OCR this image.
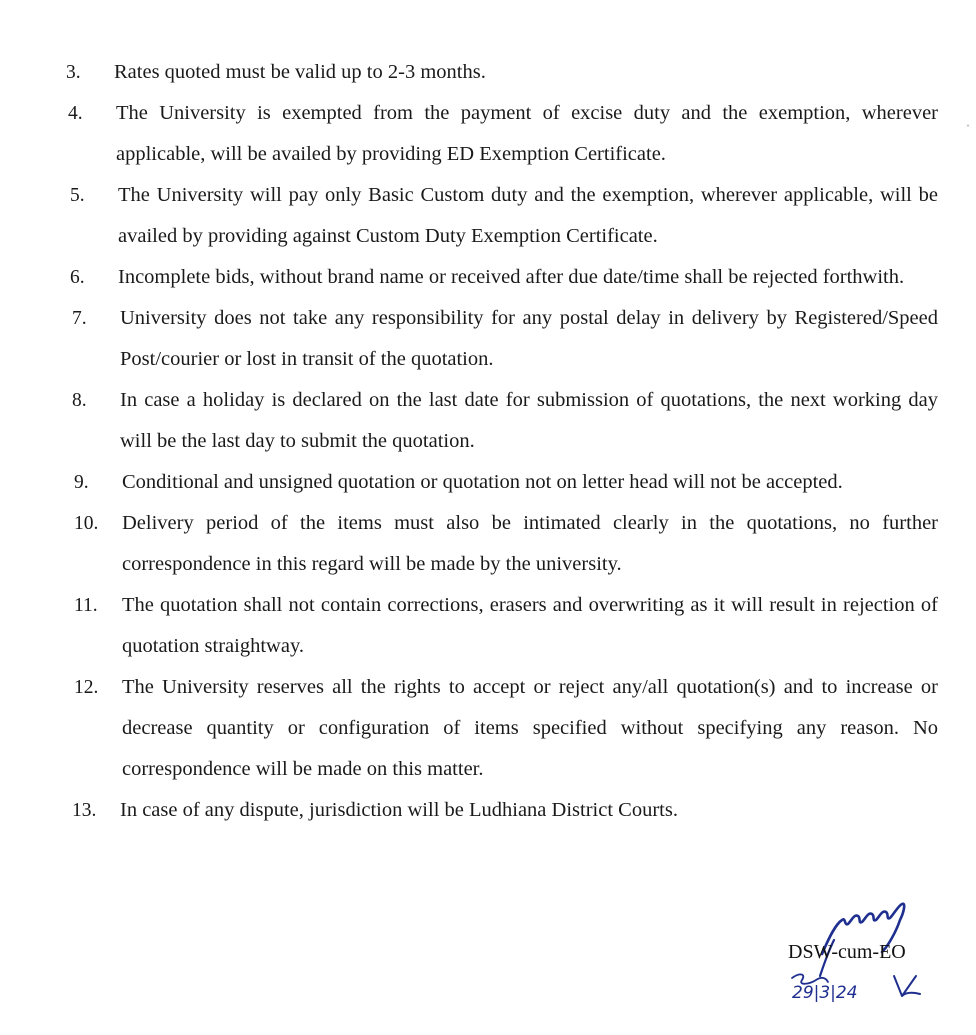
3.	Rates quoted must be valid up to 2-3 months.
4.	The University is exempted from the payment of excise duty and the exemption, wherever applicable, will be availed by providing ED Exemption Certificate.
5.	The University will pay only Basic Custom duty and the exemption, wherever applicable, will be availed by providing against Custom Duty Exemption Certificate.
6.	Incomplete bids, without brand name or received after due date/time shall be rejected forthwith.
7.	University does not take any responsibility for any postal delay in delivery by Registered/Speed Post/courier or lost in transit of the quotation.
8.	In case a holiday is declared on the last date for submission of quotations, the next working day will be the last day to submit the quotation.
9.	Conditional and unsigned quotation or quotation not on letter head will not be accepted.
10.	Delivery period of the items must also be intimated clearly in the quotations, no further correspondence in this regard will be made by the university.
11.	The quotation shall not contain corrections, erasers and overwriting as it will result in rejection of quotation straightway.
12.	The University reserves all the rights to accept or reject any/all quotation(s) and to increase or decrease quantity or configuration of items specified without specifying any reason. No correspondence will be made on this matter.
13.	In case of any dispute, jurisdiction will be Ludhiana District Courts.
29|3|24
DSW-cum-EO
ˈ
